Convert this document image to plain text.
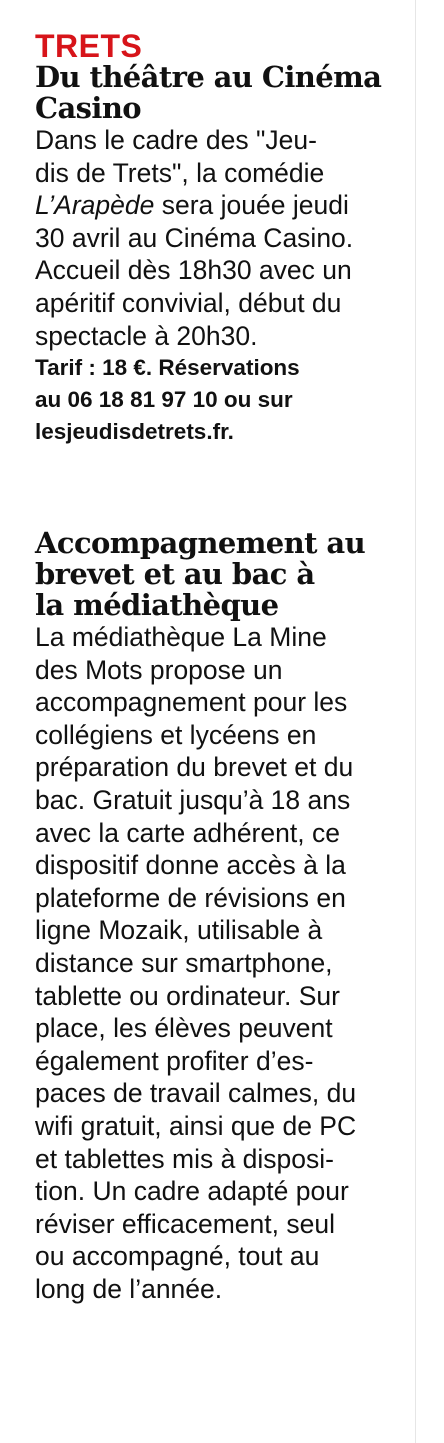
TRETS
Du théâtre au Cinéma
Casino
Dans le cadre des "Jeu-
dis de Trets", la comédie
L’Arapède sera jouée jeudi
30 avril au Cinéma Casino.
Accueil dès 18h30 avec un
apéritif convivial, début du
spectacle à 20h30.
Tarif : 18 €. Réservations
au 06 18 81 97 10 ou sur
lesjeudisdetrets.fr.
Accompagnement au
brevet et au bac à
la médiathèque
La médiathèque La Mine
des Mots propose un
accompagnement pour les
collégiens et lycéens en
préparation du brevet et du
bac. Gratuit jusqu’à 18 ans
avec la carte adhérent, ce
dispositif donne accès à la
plateforme de révisions en
ligne Mozaik, utilisable à
distance sur smartphone,
tablette ou ordinateur. Sur
place, les élèves peuvent
également profiter d’es-
paces de travail calmes, du
wifi gratuit, ainsi que de PC
et tablettes mis à disposi-
tion. Un cadre adapté pour
réviser efficacement, seul
ou accompagné, tout au
long de l’année.
